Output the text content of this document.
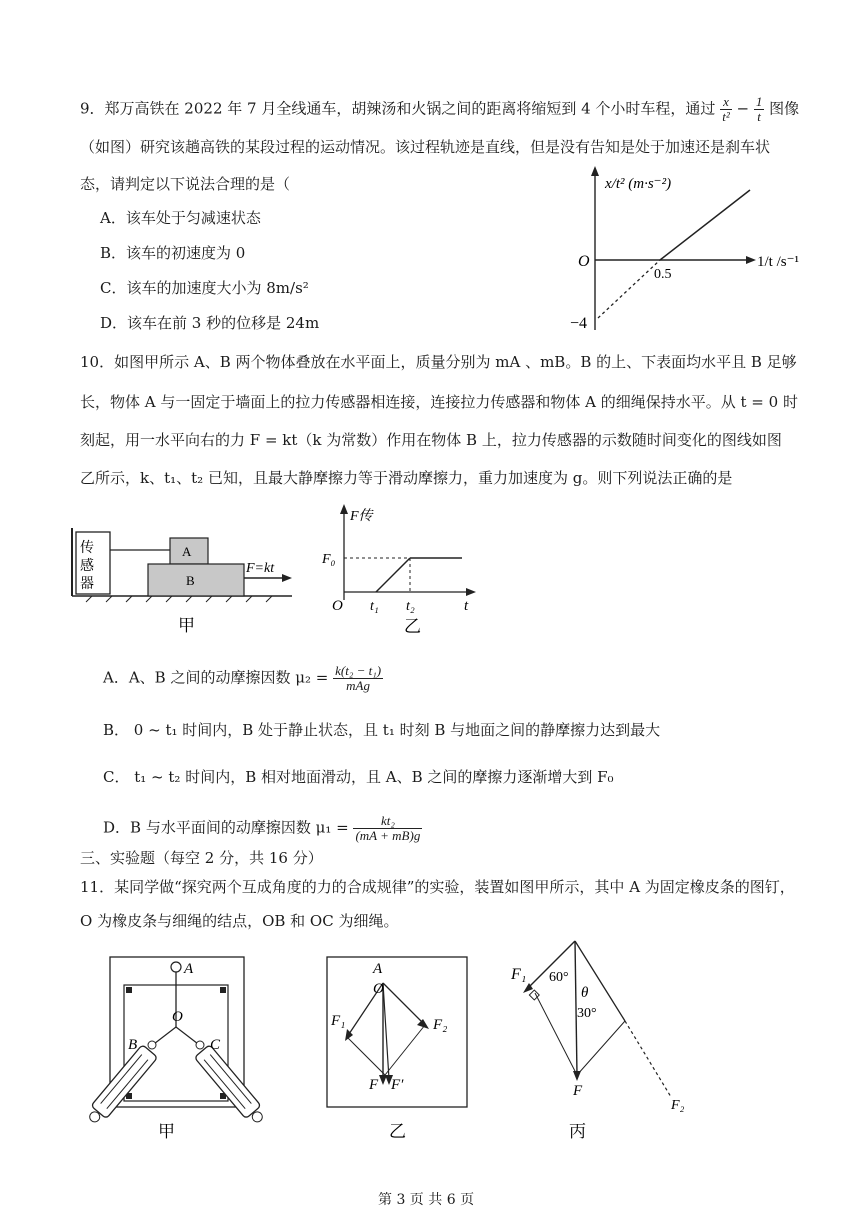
9．郑万高铁在 2022 年 7 月全线通车，胡辣汤和火锅之间的距离将缩短到 4 个小时车程，通过 $\frac{x}{\text{t²}} - \frac{1}{t}$ 图像
（如图）研究该趟高铁的某段过程的运动情况。该过程轨迹是直线，但是没有告知是处于加速还是刹车状
态，请判定以下说法合理的是（
A．该车处于匀减速状态
B．该车的初速度为 0
C．该车的加速度大小为 8m/s²
D．该车在前 3 秒的位移是 24m
x/t² (m·s⁻²)
1/t /s⁻¹
O
−4
0.5
10．如图甲所示 A、B 两个物体叠放在水平面上，质量分别为 mA 、mB。B 的上、下表面均水平且 B 足够
长，物体 A 与一固定于墙面上的拉力传感器相连接，连接拉力传感器和物体 A 的细绳保持水平。从 t = 0 时
刻起，用一水平向右的力 F = kt（k 为常数）作用在物体 B 上，拉力传感器的示数随时间变化的图线如图
乙所示，k、t₁、t₂ 已知，且最大静摩擦力等于滑动摩擦力，重力加速度为 g。则下列说法正确的是
传
感
器
A
B
F=kt
甲
F传
F₀
O t₁ t₂	t
乙
A．A、B 之间的动摩擦因数 $\mu_2 = \frac{\text{k(t₂ − t₁)}}{\text{mAg}}$
B． 0 ~ t₁ 时间内，B 处于静止状态，且 t₁ 时刻 B 与地面之间的静摩擦力达到最大
C． t₁ ~ t₂ 时间内，B 相对地面滑动，且 A、B 之间的摩擦力逐渐增大到 F₀
D．B 与水平面间的动摩擦因数 $\mu_1 = \frac{\text{kt₂}}{(mA + mB)g}$
三、实验题（每空 2 分，共 16 分）
11．某同学做“探究两个互成角度的力的合成规律”的实验，装置如图甲所示，其中 A 为固定橡皮条的图钉，
O 为橡皮条与细绳的结点，OB 和 OC 为细绳。
A
O
B	C
甲
A
O
F₁	F₂
F F′
乙
F₁ 60°
θ
30°
F
F₂
丙
第 3 页 共 6 页
